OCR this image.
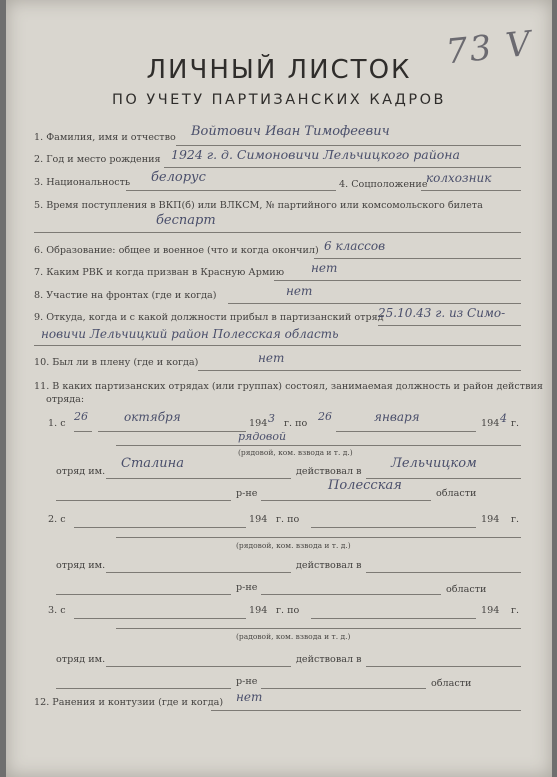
73 V
ЛИЧНЫЙ ЛИСТОК
ПО УЧЕТУ ПАРТИЗАНСКИХ КАДРОВ
1. Фамилия, имя и отчество Войтович Иван Тимофеевич
2. Год и место рождения 1924 г. д. Симоновичи Лельчицкого района
3. Национальность белорус	4. Соцположение
колхозник
5. Время поступления в ВКП(б) или ВЛКСМ, № партийного или комсомольского билета
беспарт
6. Образование: общее и военное (что и когда окончил) 6 классов
7. Каким РВК и когда призван в Красную Армию нет
8. Участие на фронтах (где и когда)	нет
9. Откуда, когда и с какой должности прибыл в партизанский отряд
25.10.43 г. из Симо-
новичи Лельчицкий район Полесская область
10. Был ли в плену (где и когда)	нет
11. В каких партизанских отрядах (или группах) состоял, занимаемая должность и район действия
отряда:
1. с
26	октября	194 3 г. по
26	января	194 4 г.
рядовой
(рядовой, ком. взвода и т. д.)
отряд им.
Сталина
действовал в
Лельчицком
р-не
Полесская
области
2. с	194 г. по	194 г.
(рядовой, ком. взвода и т. д.)
отряд им.	действовал в
р-не	области
3. с	194 г. по	194 г.
(радовой, ком. взвода и т. д.)
отряд им.	действовал в
р-не	области
12. Ранения и контузии (где и когда) нет
